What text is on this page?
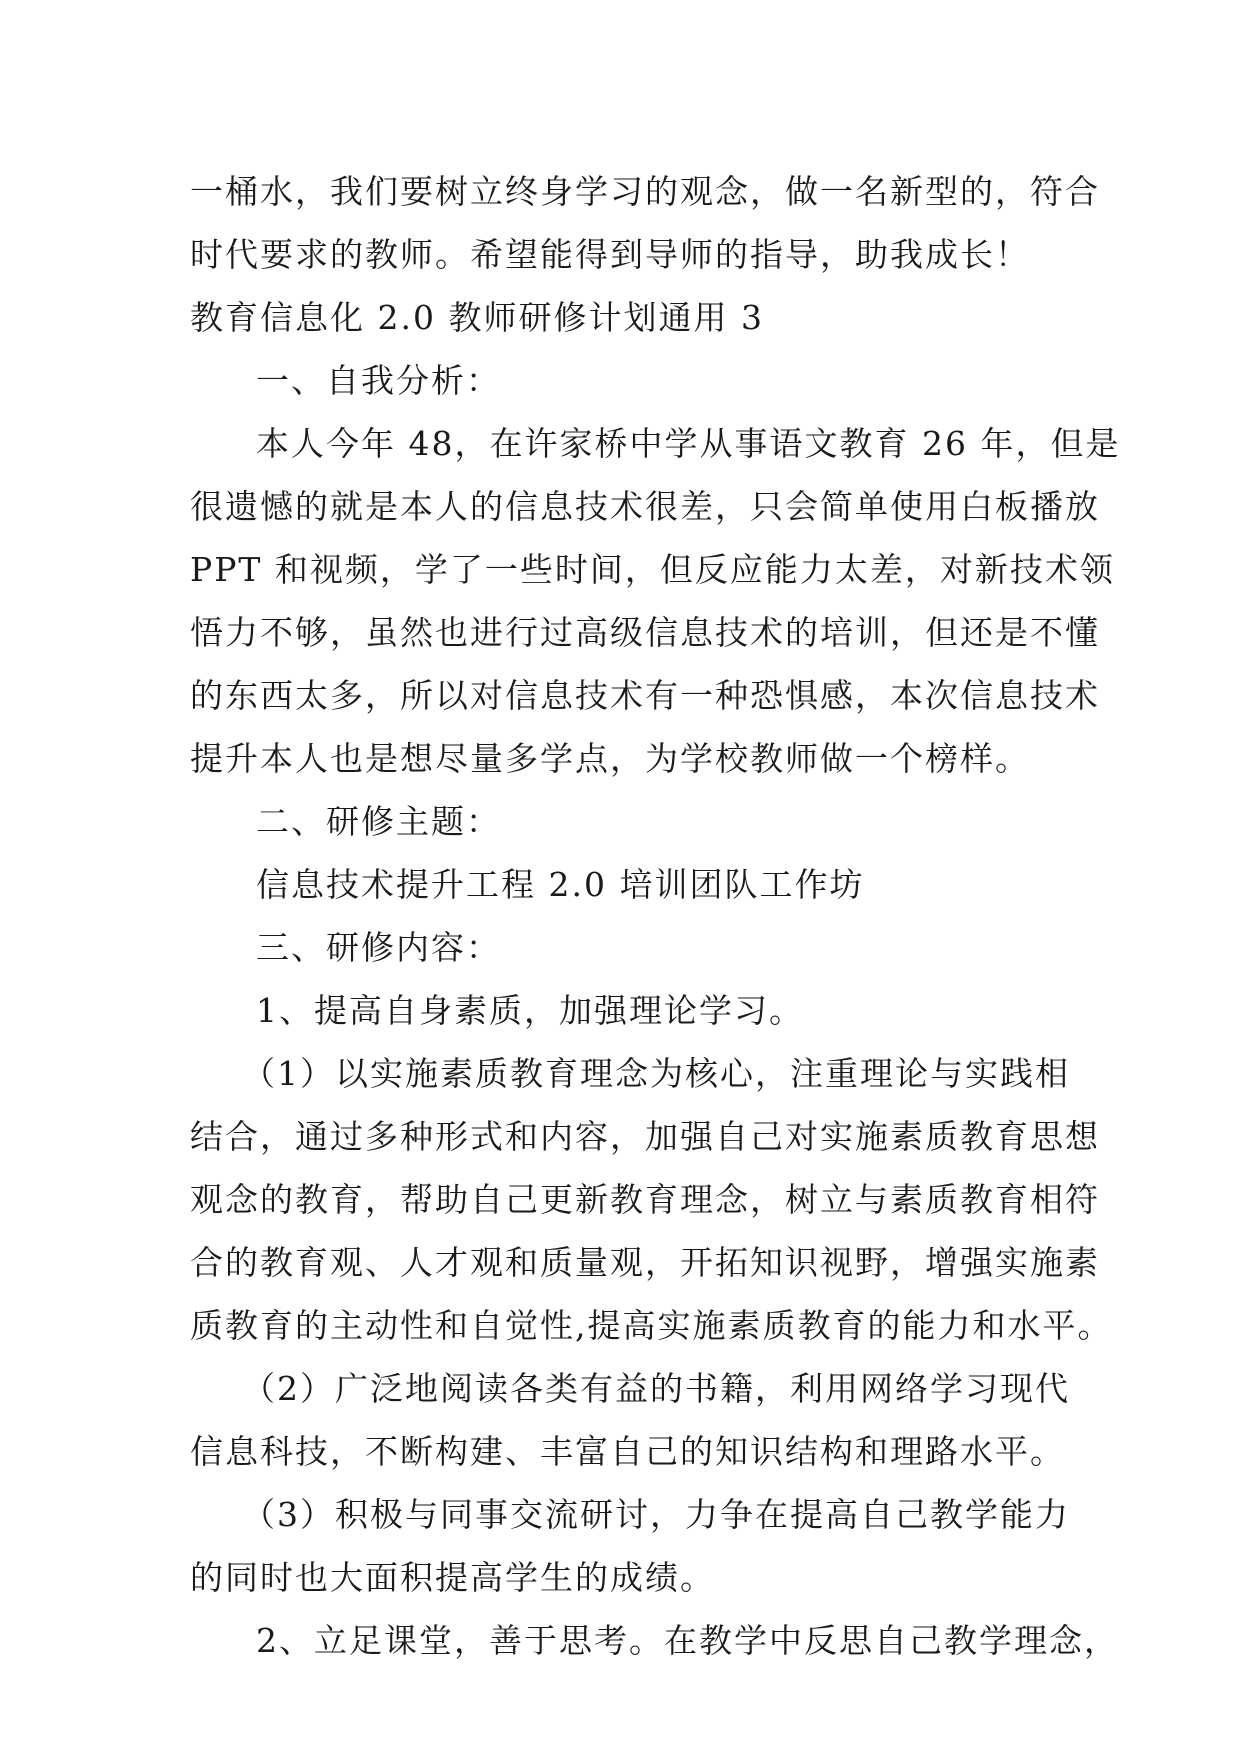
一桶水，我们要树立终身学习的观念，做一名新型的，符合
时代要求的教师。希望能得到导师的指导，助我成长！
教育信息化 2.0 教师研修计划通用 3
一、自我分析：
本人今年 48，在许家桥中学从事语文教育 26 年，但是
很遗憾的就是本人的信息技术很差，只会简单使用白板播放
PPT 和视频，学了一些时间，但反应能力太差，对新技术领
悟力不够，虽然也进行过高级信息技术的培训，但还是不懂
的东西太多，所以对信息技术有一种恐惧感，本次信息技术
提升本人也是想尽量多学点，为学校教师做一个榜样。
二、研修主题：
信息技术提升工程 2.0 培训团队工作坊
三、研修内容：
1、提高自身素质，加强理论学习。
（1）以实施素质教育理念为核心，注重理论与实践相
结合，通过多种形式和内容，加强自己对实施素质教育思想
观念的教育，帮助自己更新教育理念，树立与素质教育相符
合的教育观、人才观和质量观，开拓知识视野，增强实施素
质教育的主动性和自觉性,提高实施素质教育的能力和水平。
（2）广泛地阅读各类有益的书籍，利用网络学习现代
信息科技，不断构建、丰富自己的知识结构和理路水平。
（3）积极与同事交流研讨，力争在提高自己教学能力
的同时也大面积提高学生的成绩。
2、立足课堂，善于思考。在教学中反思自己教学理念，
